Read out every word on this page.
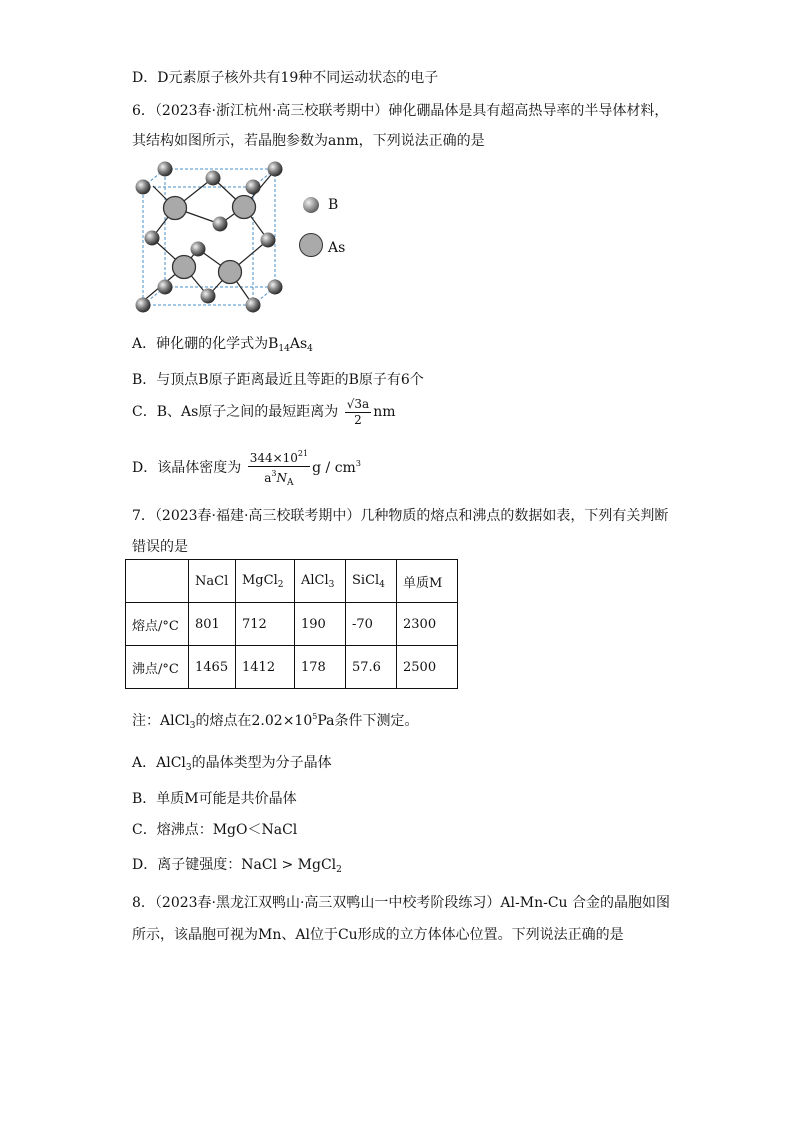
D．D元素原子核外共有19种不同运动状态的电子
6．（2023春·浙江杭州·高三校联考期中）砷化硼晶体是具有超高热导率的半导体材料，
其结构如图所示，若晶胞参数为anm，下列说法正确的是
B
As
A．砷化硼的化学式为$B_{14}As_4$
B．与顶点B原子距离最近且等距的B原子有6个
C．B、As原子之间的最短距离为 $\frac{√3a}{2}$ nm
D．该晶体密度为 $\frac{344\times 10^{21}}{a^3N_A}$ g / $cm^3$
7．（2023春·福建·高三校联考期中）几种物质的熔点和沸点的数据如表，下列有关判断
错误的是
	NaCl	MgCl$_2$	AlCl$_3$	SiCl$_4$	单质M
熔点/°C	801	712	190	-70	2300
沸点/°C	1465	1412	178	57.6	2500
注：AlCl$_3$的熔点在$2.02\times 10^5Pa$条件下测定。
A．AlCl$_3$的晶体类型为分子晶体
B．单质M可能是共价晶体
C．熔沸点：MgO＜NaCl
D．离子键强度：NaCl > MgCl$_2$
8．（2023春·黑龙江双鸭山·高三双鸭山一中校考阶段练习）Al-Mn-Cu 合金的晶胞如图
所示，该晶胞可视为Mn、Al位于Cu形成的立方体体心位置。下列说法正确的是
